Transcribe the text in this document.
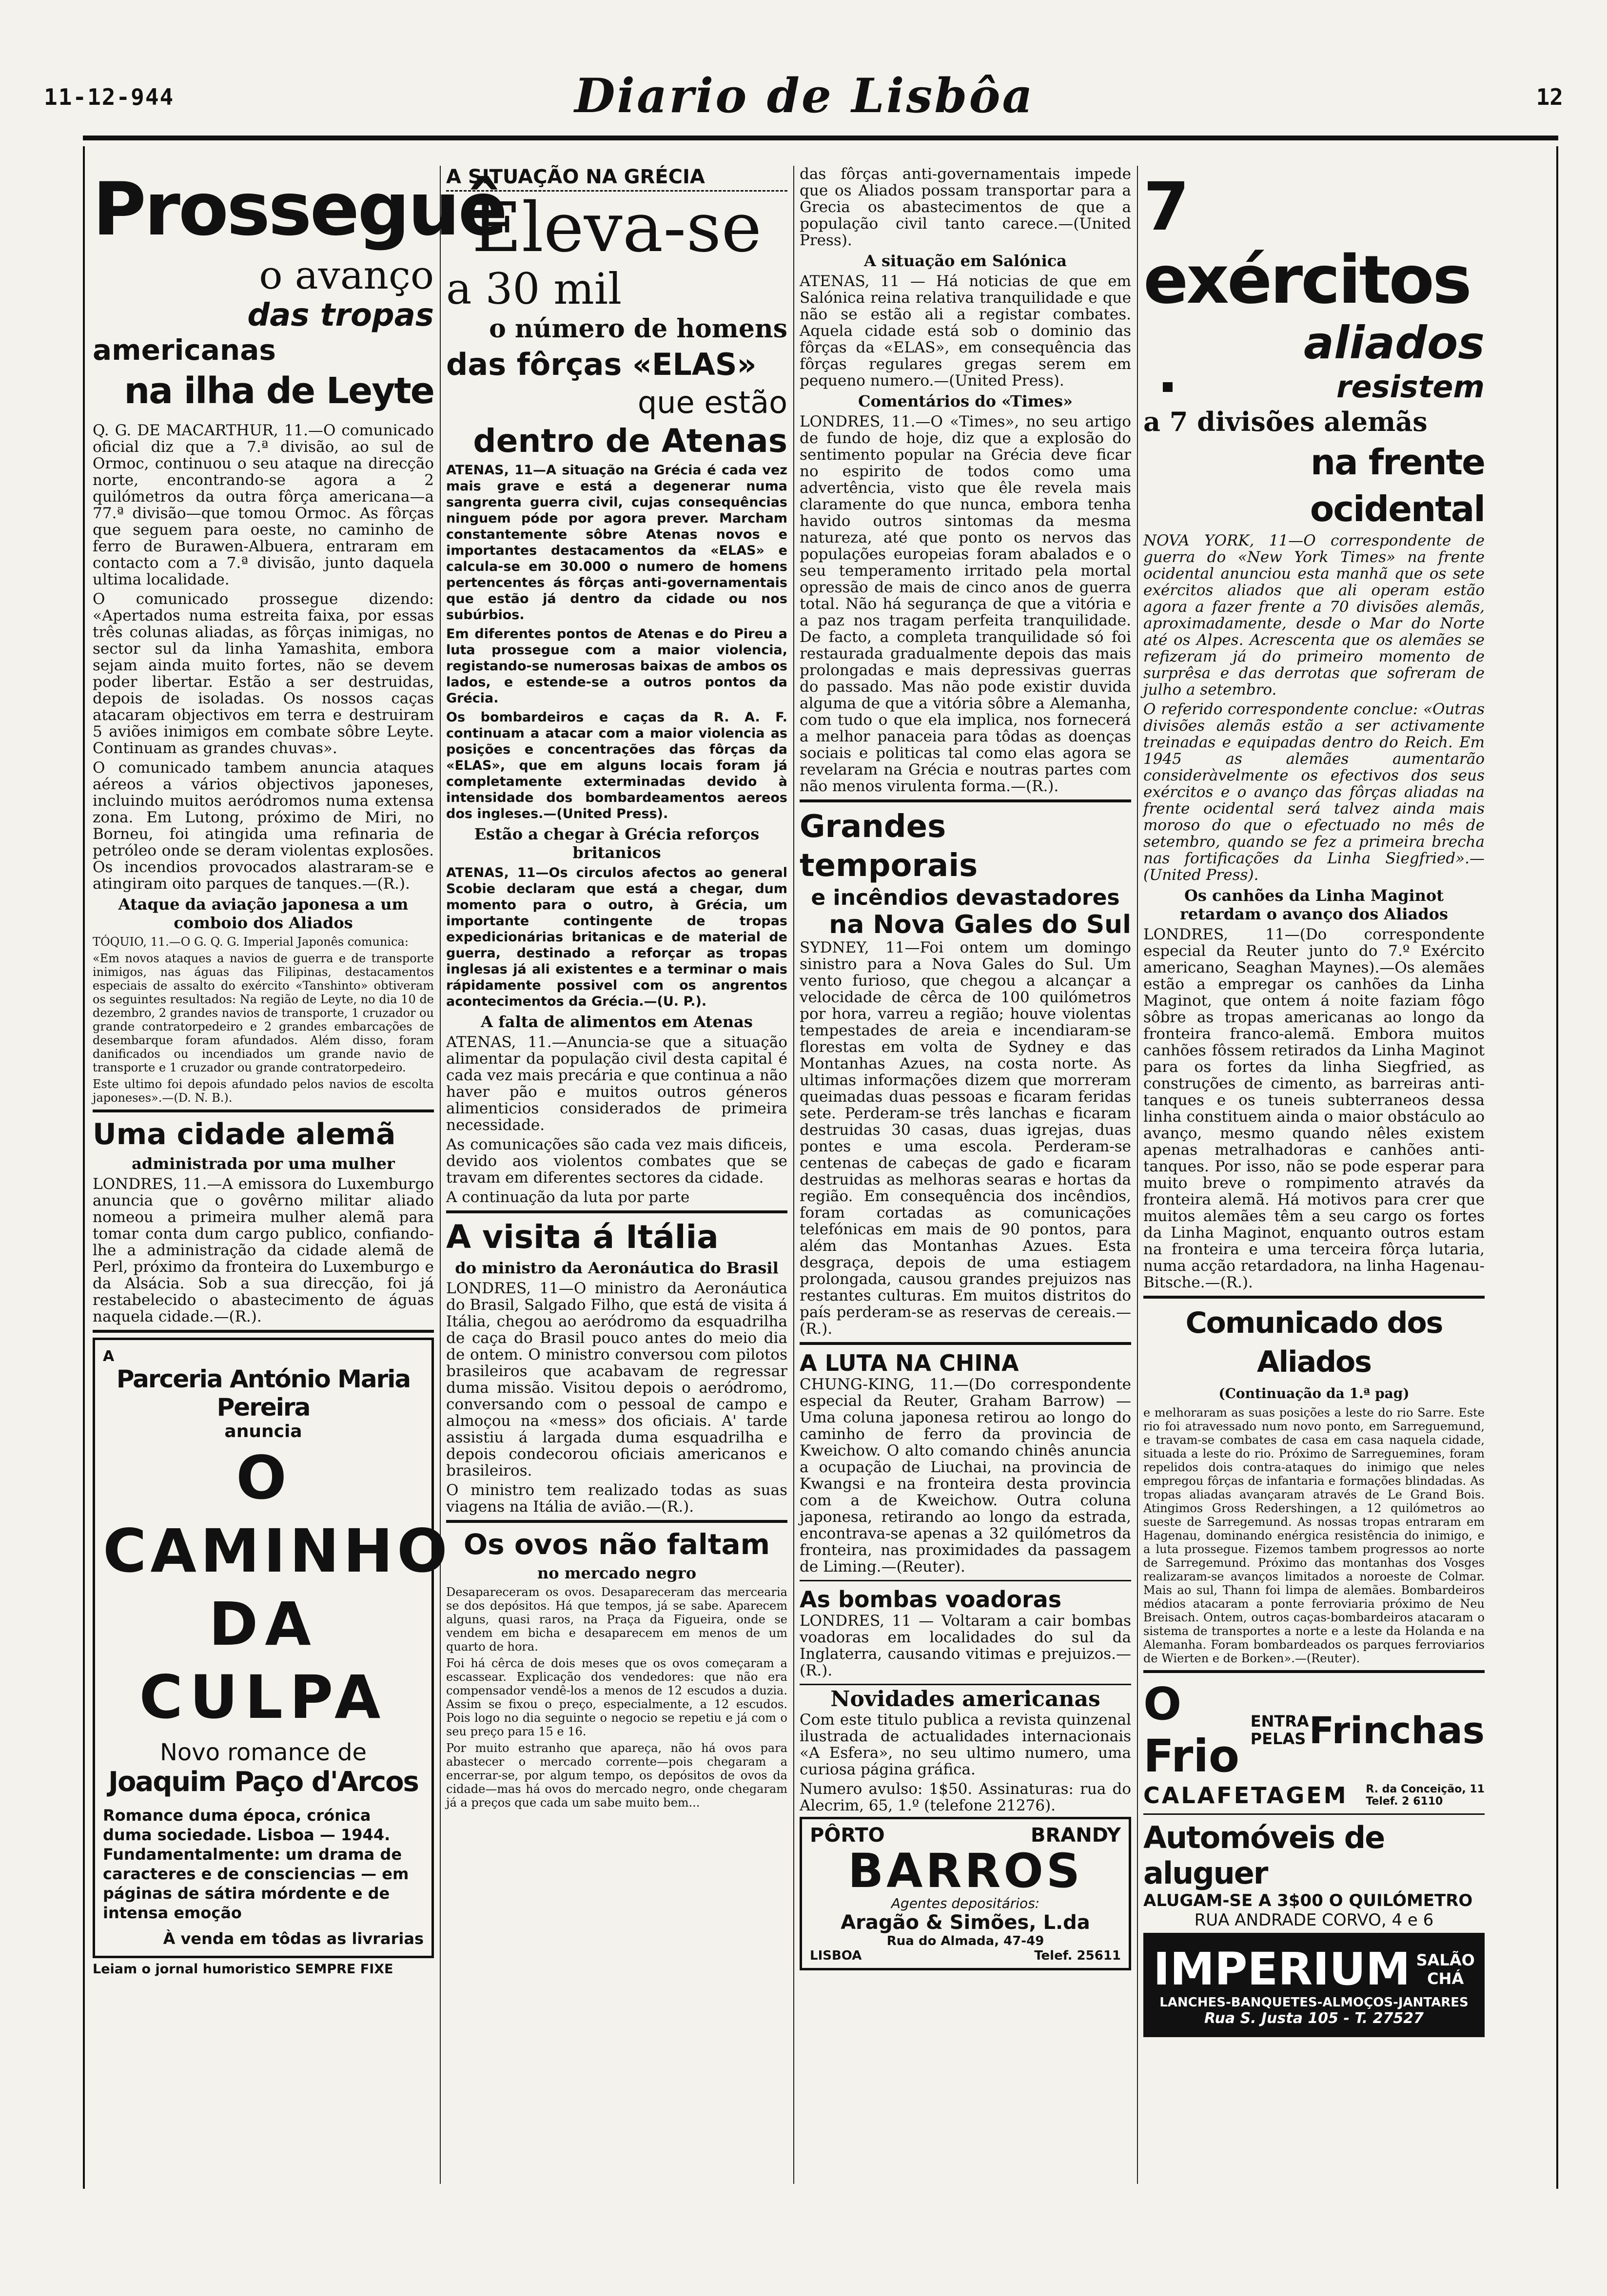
11-12-944	Diario de Lisbôa	12
Prosseguê
o avanço
das tropas
americanas
na ilha de Leyte

Q. G. DE MACARTHUR, 11.—O comunicado oficial diz que a 7.ª divisão, ao sul de Ormoc, continuou o seu ataque na direcção norte, encontrando-se agora a 2 quilómetros da outra fôrça americana—a 77.ª divisão—que tomou Ormoc. As fôrças que seguem para oeste, no caminho de ferro de Burawen-Albuera, entraram em contacto com a 7.ª divisão, junto daquela ultima localidade.

O comunicado prossegue dizendo: «Apertados numa estreita faixa, por essas três colunas aliadas, as fôrças inimigas, no sector sul da linha Yamashita, embora sejam ainda muito fortes, não se devem poder libertar. Estão a ser destruidas, depois de isoladas. Os nossos caças atacaram objectivos em terra e destruiram 5 aviões inimigos em combate sôbre Leyte. Continuam as grandes chuvas».

O comunicado tambem anuncia ataques aéreos a vários objectivos japoneses, incluindo muitos aeródromos numa extensa zona. Em Lutong, próximo de Miri, no Borneu, foi atingida uma refinaria de petróleo onde se deram violentas explosões. Os incendios provocados alastraram-se e atingiram oito parques de tanques.—(R.).

Ataque da aviação japonesa a um comboio dos Aliados

TÓQUIO, 11.—O G. Q. G. Imperial Japonês comunica:

«Em novos ataques a navios de guerra e de transporte inimigos, nas águas das Filipinas, destacamentos especiais de assalto do exército «Tanshinto» obtiveram os seguintes resultados: Na região de Leyte, no dia 10 de dezembro, 2 grandes navios de transporte, 1 cruzador ou grande contratorpedeiro e 2 grandes embarcações de desembarque foram afundados. Além disso, foram danificados ou incendiados um grande navio de transporte e 1 cruzador ou grande contratorpedeiro.

Este ultimo foi depois afundado pelos navios de escolta japoneses».—(D. N. B.).

Uma cidade alemã
administrada por uma mulher

LONDRES, 11.—A emissora do Luxemburgo anuncia que o govêrno militar aliado nomeou a primeira mulher alemã para tomar conta dum cargo publico, confiando-lhe a administração da cidade alemã de Perl, próximo da fronteira do Luxemburgo e da Alsácia. Sob a sua direcção, foi já restabelecido o abastecimento de águas naquela cidade.—(R.).

A
Parceria António Maria Pereira
anuncia
O CAMINHO
DA CULPA
Novo romance de
Joaquim Paço d'Arcos

Romance duma época, crónica duma sociedade. Lisboa — 1944. Fundamentalmente: um drama de caracteres e de consciencias — em páginas de sátira mórdente e de intensa emoção

À venda em tôdas as livrarias

Leiam o jornal humoristico SEMPRE FIXE

A SITUAÇÃO NA GRÉCIA
Eleva-se
a 30 mil
o número de homens
das fôrças «ELAS»
que estão
dentro de Atenas

ATENAS, 11—A situação na Grécia é cada vez mais grave e está a degenerar numa sangrenta guerra civil, cujas consequências ninguem póde por agora prever. Marcham constantemente sôbre Atenas novos e importantes destacamentos da «ELAS» e calcula-se em 30.000 o numero de homens pertencentes ás fôrças anti-governamentais que estão já dentro da cidade ou nos subúrbios.

Em diferentes pontos de Atenas e do Pireu a luta prossegue com a maior violencia, registando-se numerosas baixas de ambos os lados, e estende-se a outros pontos da Grécia.

Os bombardeiros e caças da R. A. F. continuam a atacar com a maior violencia as posições e concentrações das fôrças da «ELAS», que em alguns locais foram já completamente exterminadas devido à intensidade dos bombardeamentos aereos dos ingleses.—(United Press).

Estão a chegar à Grécia reforços britanicos

ATENAS, 11—Os circulos afectos ao general Scobie declaram que está a chegar, dum momento para o outro, à Grécia, um importante contingente de tropas expedicionárias britanicas e de material de guerra, destinado a reforçar as tropas inglesas já ali existentes e a terminar o mais rápidamente possivel com os angrentos acontecimentos da Grécia.—(U. P.).

A falta de alimentos em Atenas

ATENAS, 11.—Anuncia-se que a situação alimentar da população civil desta capital é cada vez mais precária e que continua a não haver pão e muitos outros géneros alimenticios considerados de primeira necessidade.

As comunicações são cada vez mais dificeis, devido aos violentos combates que se travam em diferentes sectores da cidade.

A continuação da luta por parte

A visita á Itália
do ministro da Aeronáutica do Brasil

LONDRES, 11—O ministro da Aeronáutica do Brasil, Salgado Filho, que está de visita á Itália, chegou ao aeródromo da esquadrilha de caça do Brasil pouco antes do meio dia de ontem. O ministro conversou com pilotos brasileiros que acabavam de regressar duma missão. Visitou depois o aeródromo, conversando com o pessoal de campo e almoçou na «mess» dos oficiais. A' tarde assistiu á largada duma esquadrilha e depois condecorou oficiais americanos e brasileiros.

O ministro tem realizado todas as suas viagens na Itália de avião.—(R.).

Os ovos não faltam
no mercado negro

Desapareceram os ovos. Desapareceram das mercearia se dos depósitos. Há que tempos, já se sabe. Aparecem alguns, quasi raros, na Praça da Figueira, onde se vendem em bicha e desaparecem em menos de um quarto de hora.

Foi há cêrca de dois meses que os ovos começaram a escassear. Explicação dos vendedores: que não era compensador vendê-los a menos de 12 escudos a duzia. Assim se fixou o preço, especialmente, a 12 escudos. Pois logo no dia seguinte o negocio se repetiu e já com o seu preço para 15 e 16.

Por muito estranho que apareça, não há ovos para abastecer o mercado corrente—pois chegaram a encerrar-se, por algum tempo, os depósitos de ovos da cidade—mas há ovos do mercado negro, onde chegaram já a preços que cada um sabe muito bem...

das fôrças anti-governamentais impede que os Aliados possam transportar para a Grecia os abastecimentos de que a população civil tanto carece.—(United Press).

A situação em Salónica

ATENAS, 11 — Há noticias de que em Salónica reina relativa tranquilidade e que não se estão ali a registar combates. Aquela cidade está sob o dominio das fôrças da «ELAS», em consequência das fôrças regulares gregas serem em pequeno numero.—(United Press).

Comentários do «Times»

LONDRES, 11.—O «Times», no seu artigo de fundo de hoje, diz que a explosão do sentimento popular na Grécia deve ficar no espirito de todos como uma advertência, visto que êle revela mais claramente do que nunca, embora tenha havido outros sintomas da mesma natureza, até que ponto os nervos das populações europeias foram abalados e o seu temperamento irritado pela mortal opressão de mais de cinco anos de guerra total. Não há segurança de que a vitória e a paz nos tragam perfeita tranquilidade. De facto, a completa tranquilidade só foi restaurada gradualmente depois das mais prolongadas e mais depressivas guerras do passado. Mas não pode existir duvida alguma de que a vitória sôbre a Alemanha, com tudo o que ela implica, nos fornecerá a melhor panaceia para tôdas as doenças sociais e politicas tal como elas agora se revelaram na Grécia e noutras partes com não menos virulenta forma.—(R.).

Grandes temporais
e incêndios devastadores
na Nova Gales do Sul

SYDNEY, 11—Foi ontem um domingo sinistro para a Nova Gales do Sul. Um vento furioso, que chegou a alcançar a velocidade de cêrca de 100 quilómetros por hora, varreu a região; houve violentas tempestades de areia e incendiaram-se florestas em volta de Sydney e das Montanhas Azues, na costa norte. As ultimas informações dizem que morreram queimadas duas pessoas e ficaram feridas sete. Perderam-se três lanchas e ficaram destruidas 30 casas, duas igrejas, duas pontes e uma escola. Perderam-se centenas de cabeças de gado e ficaram destruidas as melhoras searas e hortas da região. Em consequência dos incêndios, foram cortadas as comunicações telefónicas em mais de 90 pontos, para além das Montanhas Azues. Esta desgraça, depois de uma estiagem prolongada, causou grandes prejuizos nas restantes culturas. Em muitos distritos do país perderam-se as reservas de cereais.—(R.).

A LUTA NA CHINA

CHUNG-KING, 11.—(Do correspondente especial da Reuter, Graham Barrow) — Uma coluna japonesa retirou ao longo do caminho de ferro da provincia de Kweichow. O alto comando chinês anuncia a ocupação de Liuchai, na provincia de Kwangsi e na fronteira desta provincia com a de Kweichow. Outra coluna japonesa, retirando ao longo da estrada, encontrava-se apenas a 32 quilómetros da fronteira, nas proximidades da passagem de Liming.—(Reuter).

As bombas voadoras

LONDRES, 11 — Voltaram a cair bombas voadoras em localidades do sul da Inglaterra, causando vitimas e prejuizos.—(R.).

Novidades americanas

Com este titulo publica a revista quinzenal ilustrada de actualidades internacionais «A Esfera», no seu ultimo numero, uma curiosa página gráfica.

Numero avulso: 1$50. Assinaturas: rua do Alecrim, 65, 1.º (telefone 21276).

PÔRTO	BRANDY
BARROS
Agentes depositários:
Aragão & Simões, L.da
Rua do Almada, 47-49
LISBOA	Telef. 25611
7 exércitos
aliados
resistem
a 7 divisões alemãs
na frente ocidental

NOVA YORK, 11—O correspondente de guerra do «New York Times» na frente ocidental anunciou esta manhã que os sete exércitos aliados que ali operam estão agora a fazer frente a 70 divisões alemãs, aproximadamente, desde o Mar do Norte até os Alpes. Acrescenta que os alemães se refizeram já do primeiro momento de surprêsa e das derrotas que sofreram de julho a setembro.

O referido correspondente conclue: «Outras divisões alemãs estão a ser activamente treinadas e equipadas dentro do Reich. Em 1945 as alemães aumentarão consideràvelmente os efectivos dos seus exércitos e o avanço das fôrças aliadas na frente ocidental será talvez ainda mais moroso do que o efectuado no mês de setembro, quando se fez a primeira brecha nas fortificações da Linha Siegfried».—(United Press).

Os canhões da Linha Maginot retardam o avanço dos Aliados

LONDRES, 11—(Do correspondente especial da Reuter junto do 7.º Exército americano, Seaghan Maynes).—Os alemães estão a empregar os canhões da Linha Maginot, que ontem á noite faziam fôgo sôbre as tropas americanas ao longo da fronteira franco-alemã. Embora muitos canhões fôssem retirados da Linha Maginot para os fortes da linha Siegfried, as construções de cimento, as barreiras anti-tanques e os tuneis subterraneos dessa linha constituem ainda o maior obstáculo ao avanço, mesmo quando nêles existem apenas metralhadoras e canhões anti-tanques. Por isso, não se pode esperar para muito breve o rompimento através da fronteira alemã. Há motivos para crer que muitos alemães têm a seu cargo os fortes da Linha Maginot, enquanto outros estam na fronteira e uma terceira fôrça lutaria, numa acção retardadora, na linha Hagenau-Bitsche.—(R.).

Comunicado dos Aliados
(Continuação da 1.ª pag)

e melhoraram as suas posições a leste do rio Sarre. Este rio foi atravessado num novo ponto, em Sarreguemund, e travam-se combates de casa em casa naquela cidade, situada a leste do rio. Próximo de Sarreguemines, foram repelidos dois contra-ataques do inimigo que neles empregou fôrças de infantaria e formações blindadas. As tropas aliadas avançaram através de Le Grand Bois. Atingimos Gross Redershingen, a 12 quilómetros ao sueste de Sarregemund. As nossas tropas entraram em Hagenau, dominando enérgica resistência do inimigo, e a luta prossegue. Fizemos tambem progressos ao norte de Sarregemund. Próximo das montanhas dos Vosges realizaram-se avanços limitados a noroeste de Colmar. Mais ao sul, Thann foi limpa de alemães. Bombardeiros médios atacaram a ponte ferroviaria próximo de Neu Breisach. Ontem, outros caças-bombardeiros atacaram o sistema de transportes a norte e a leste da Holanda e na Alemanha. Foram bombardeados os parques ferroviarios de Wierten e de Borken».—(Reuter).

O Frio
ENTRA
PELAS Frinchas
CALAFETAGEM R. da Conceição, 11
Telef. 2 6110
Automóveis de aluguer
ALUGAM-SE A 3$00 O QUILÓMETRO
RUA ANDRADE CORVO, 4 e 6
IMPERIUM SALÃO
CHÁ
LANCHES-BANQUETES-ALMOÇOS-JANTARES
Rua S. Justa 105 - T. 27527
